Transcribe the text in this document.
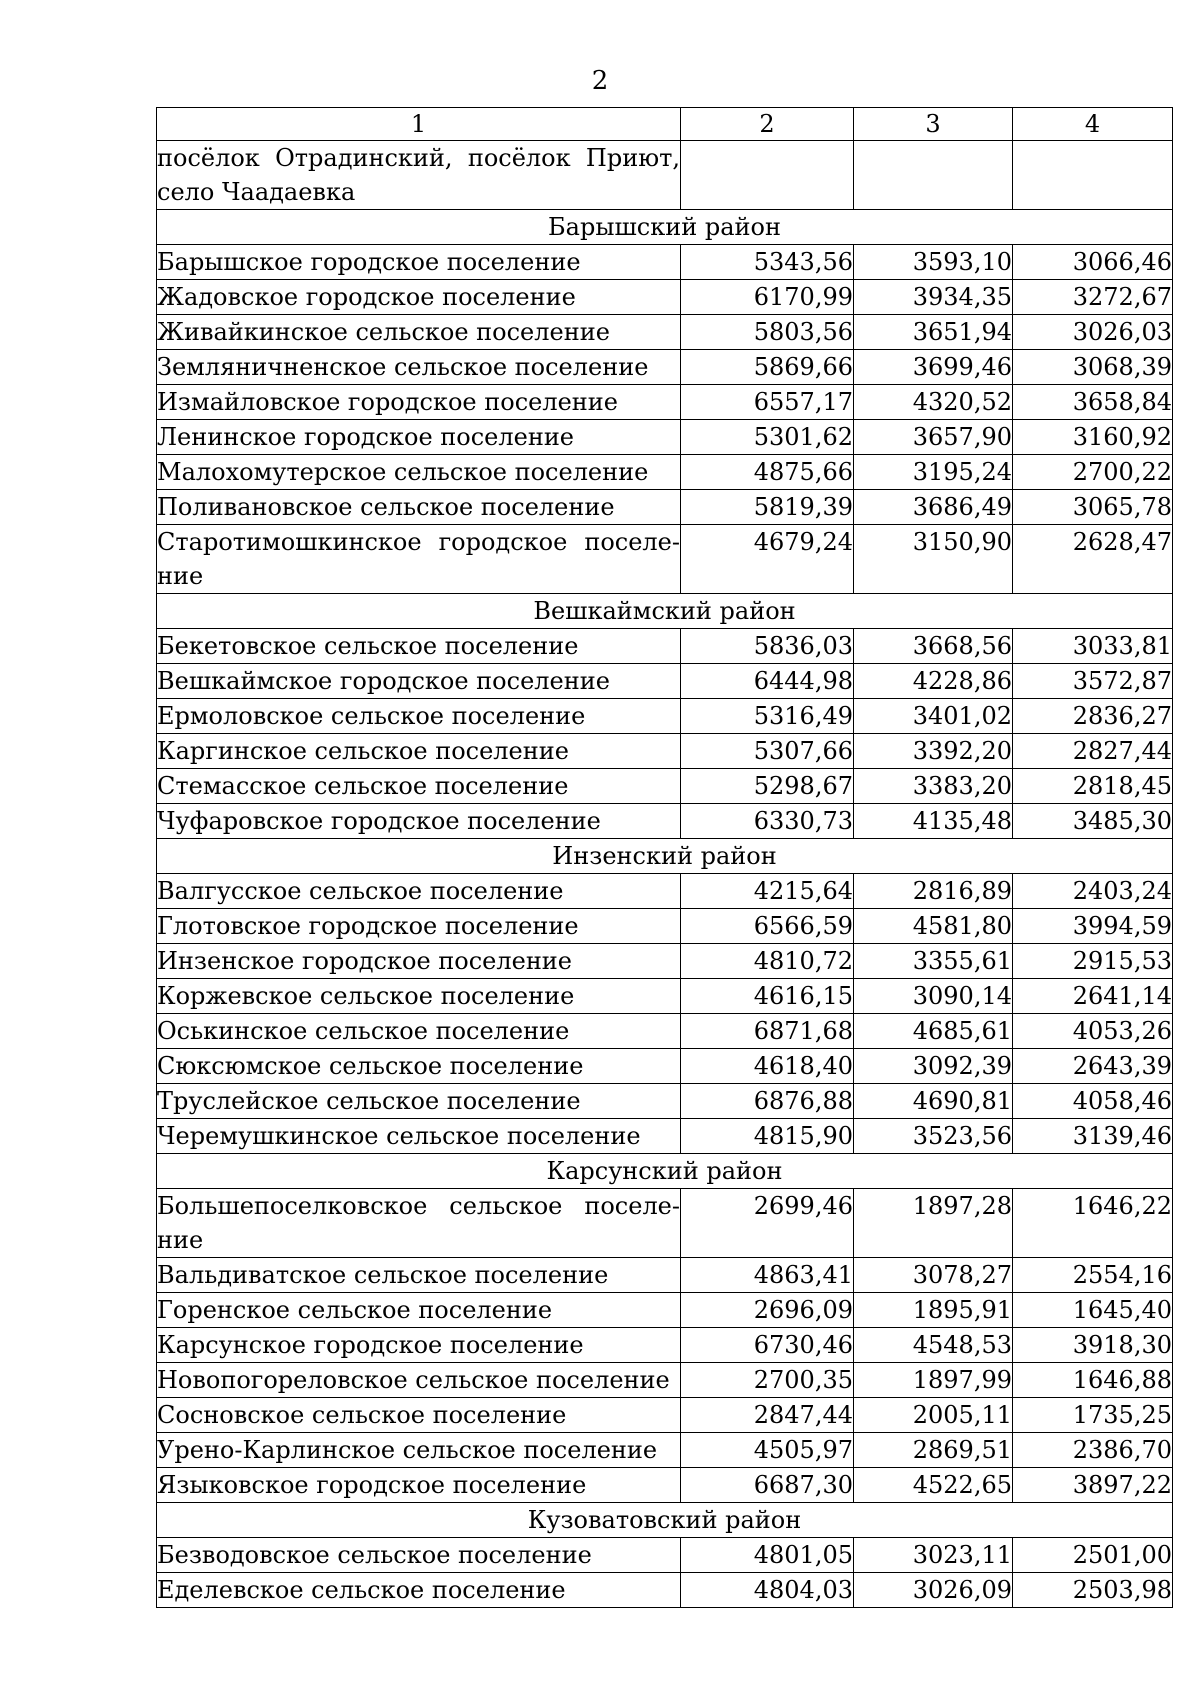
2
1	2	3	4

посёлок Отрадинский, посёлок Приют,
село Чаадаевка			

Барышский район			
Барышское городское поселение	5343,56	3593,10	3066,46
Жадовское городское поселение	6170,99	3934,35	3272,67
Живайкинское сельское поселение	5803,56	3651,94	3026,03
Земляничненское сельское поселение	5869,66	3699,46	3068,39
Измайловское городское поселение	6557,17	4320,52	3658,84
Ленинское городское поселение	5301,62	3657,90	3160,92
Малохомутерское сельское поселение	4875,66	3195,24	2700,22
Поливановское сельское поселение	5819,39	3686,49	3065,78

Старотимошкинское городское поселе-
ние	4679,24	3150,90	2628,47
Вешкаймский район			
Бекетовское сельское поселение	5836,03	3668,56	3033,81
Вешкаймское городское поселение	6444,98	4228,86	3572,87
Ермоловское сельское поселение	5316,49	3401,02	2836,27
Каргинское сельское поселение	5307,66	3392,20	2827,44
Стемасское сельское поселение	5298,67	3383,20	2818,45
Чуфаровское городское поселение	6330,73	4135,48	3485,30
Инзенский район			
Валгусское сельское поселение	4215,64	2816,89	2403,24
Глотовское городское поселение	6566,59	4581,80	3994,59
Инзенское городское поселение	4810,72	3355,61	2915,53
Коржевское сельское поселение	4616,15	3090,14	2641,14
Оськинское сельское поселение	6871,68	4685,61	4053,26
Сюксюмское сельское поселение	4618,40	3092,39	2643,39
Труслейское сельское поселение	6876,88	4690,81	4058,46
Черемушкинское сельское поселение	4815,90	3523,56	3139,46
Карсунский район			

Большепоселковское сельское поселе-
ние	2699,46	1897,28	1646,22
Вальдиватское сельское поселение	4863,41	3078,27	2554,16
Горенское сельское поселение	2696,09	1895,91	1645,40
Карсунское городское поселение	6730,46	4548,53	3918,30
Новопогореловское сельское поселение	2700,35	1897,99	1646,88
Сосновское сельское поселение	2847,44	2005,11	1735,25
Урено-Карлинское сельское поселение	4505,97	2869,51	2386,70
Языковское городское поселение	6687,30	4522,65	3897,22
Кузоватовский район			
Безводовское сельское поселение	4801,05	3023,11	2501,00
Еделевское сельское поселение	4804,03	3026,09	2503,98
